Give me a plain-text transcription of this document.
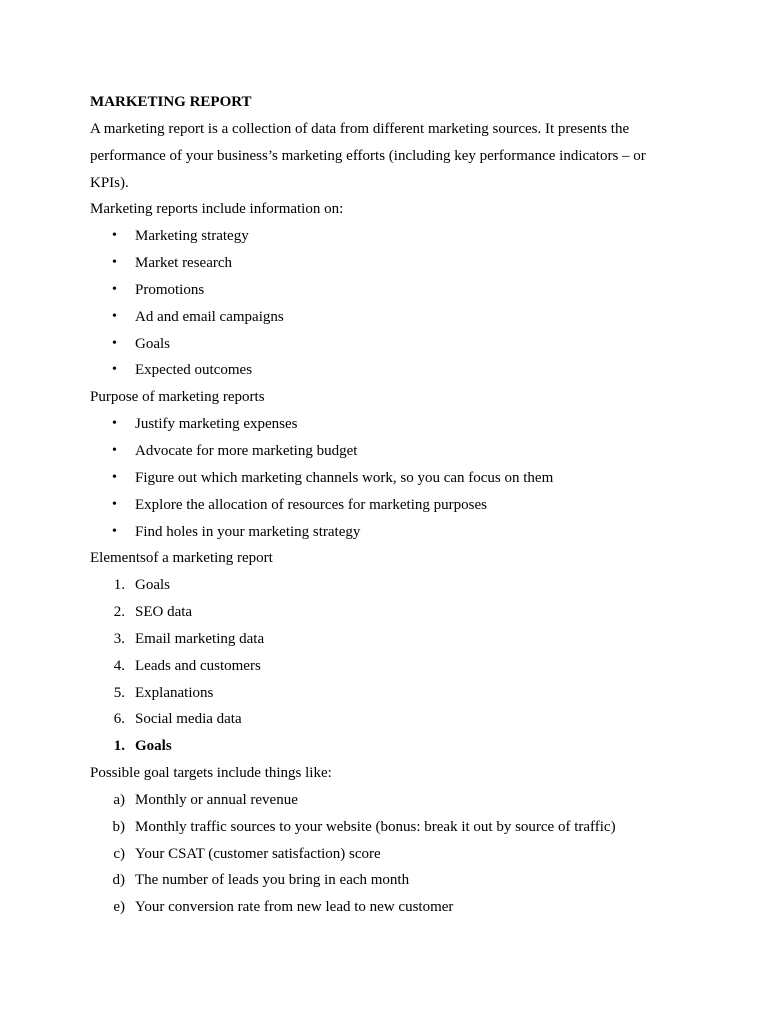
MARKETING REPORT
A marketing report is a collection of data from different marketing sources. It presents the
performance of your business’s marketing efforts (including key performance indicators – or
KPIs).
Marketing reports include information on:
• Marketing strategy
• Market research
• Promotions
• Ad and email campaigns
• Goals
• Expected outcomes
Purpose of marketing reports
• Justify marketing expenses
• Advocate for more marketing budget
• Figure out which marketing channels work, so you can focus on them
• Explore the allocation of resources for marketing purposes
• Find holes in your marketing strategy
Elementsof a marketing report
1. Goals
2. SEO data
3. Email marketing data
4. Leads and customers
5. Explanations
6. Social media data
1. Goals
Possible goal targets include things like:
a) Monthly or annual revenue
b) Monthly traffic sources to your website (bonus: break it out by source of traffic)
c) Your CSAT (customer satisfaction) score
d) The number of leads you bring in each month
e) Your conversion rate from new lead to new customer
